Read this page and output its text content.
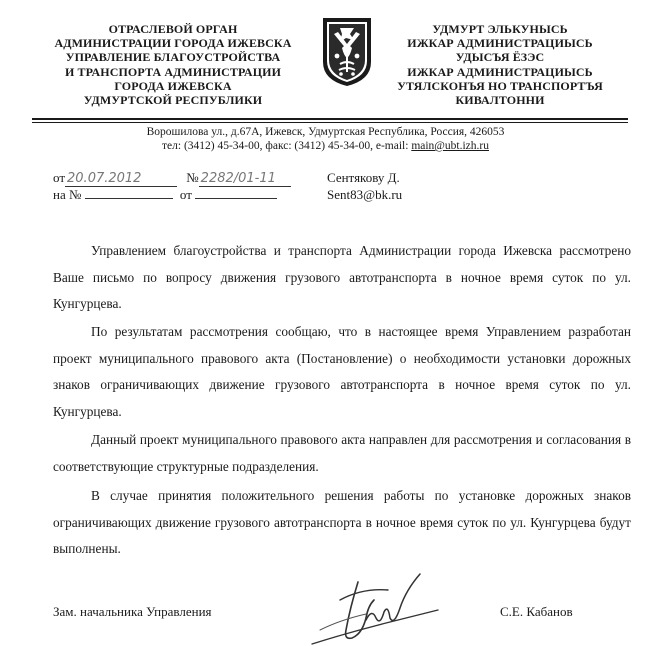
ОТРАСЛЕВОЙ ОРГАН
АДМИНИСТРАЦИИ ГОРОДА ИЖЕВСКА
УПРАВЛЕНИЕ БЛАГОУСТРОЙСТВА
И ТРАНСПОРТА АДМИНИСТРАЦИИ
ГОРОДА ИЖЕВСКА
УДМУРТСКОЙ РЕСПУБЛИКИ
УДМУРТ ЭЛЬКУНЫСЬ
ИЖКАР АДМИНИСТРАЦИЫСЬ
УДЫСЪЯ ЁЗЭС
ИЖКАР АДМИНИСТРАЦИЫСЬ
УТЯЛСКОНЪЯ НО ТРАНСПОРТЪЯ
КИВАЛТОННИ
Ворошилова ул., д.67А, Ижевск, Удмуртская Республика, Россия, 426053
тел: (3412) 45-34-00, факс: (3412) 45-34-00, e-mail: main@ubt.izh.ru
от 20.07.2012	№ 2282/01-11
на №	от
Сентякову Д.
Sent83@bk.ru
Управлением благоустройства и транспорта Администрации города Ижевска рассмотрено Ваше письмо по вопросу движения грузового автотранспорта в ночное время суток по ул. Кунгурцева.
По результатам рассмотрения сообщаю, что в настоящее время Управлением разработан проект муниципального правового акта (Постановление) о необходимости установки дорожных знаков ограничивающих движение грузового автотранспорта в ночное время суток по ул. Кунгурцева.
Данный проект муниципального правового акта направлен для рассмотрения и согласования в соответствующие структурные подразделения.
В случае принятия положительного решения работы по установке дорожных знаков ограничивающих движение грузового автотранспорта в ночное время суток по ул. Кунгурцева будут выполнены.
Зам. начальника Управления	С.Е. Кабанов
